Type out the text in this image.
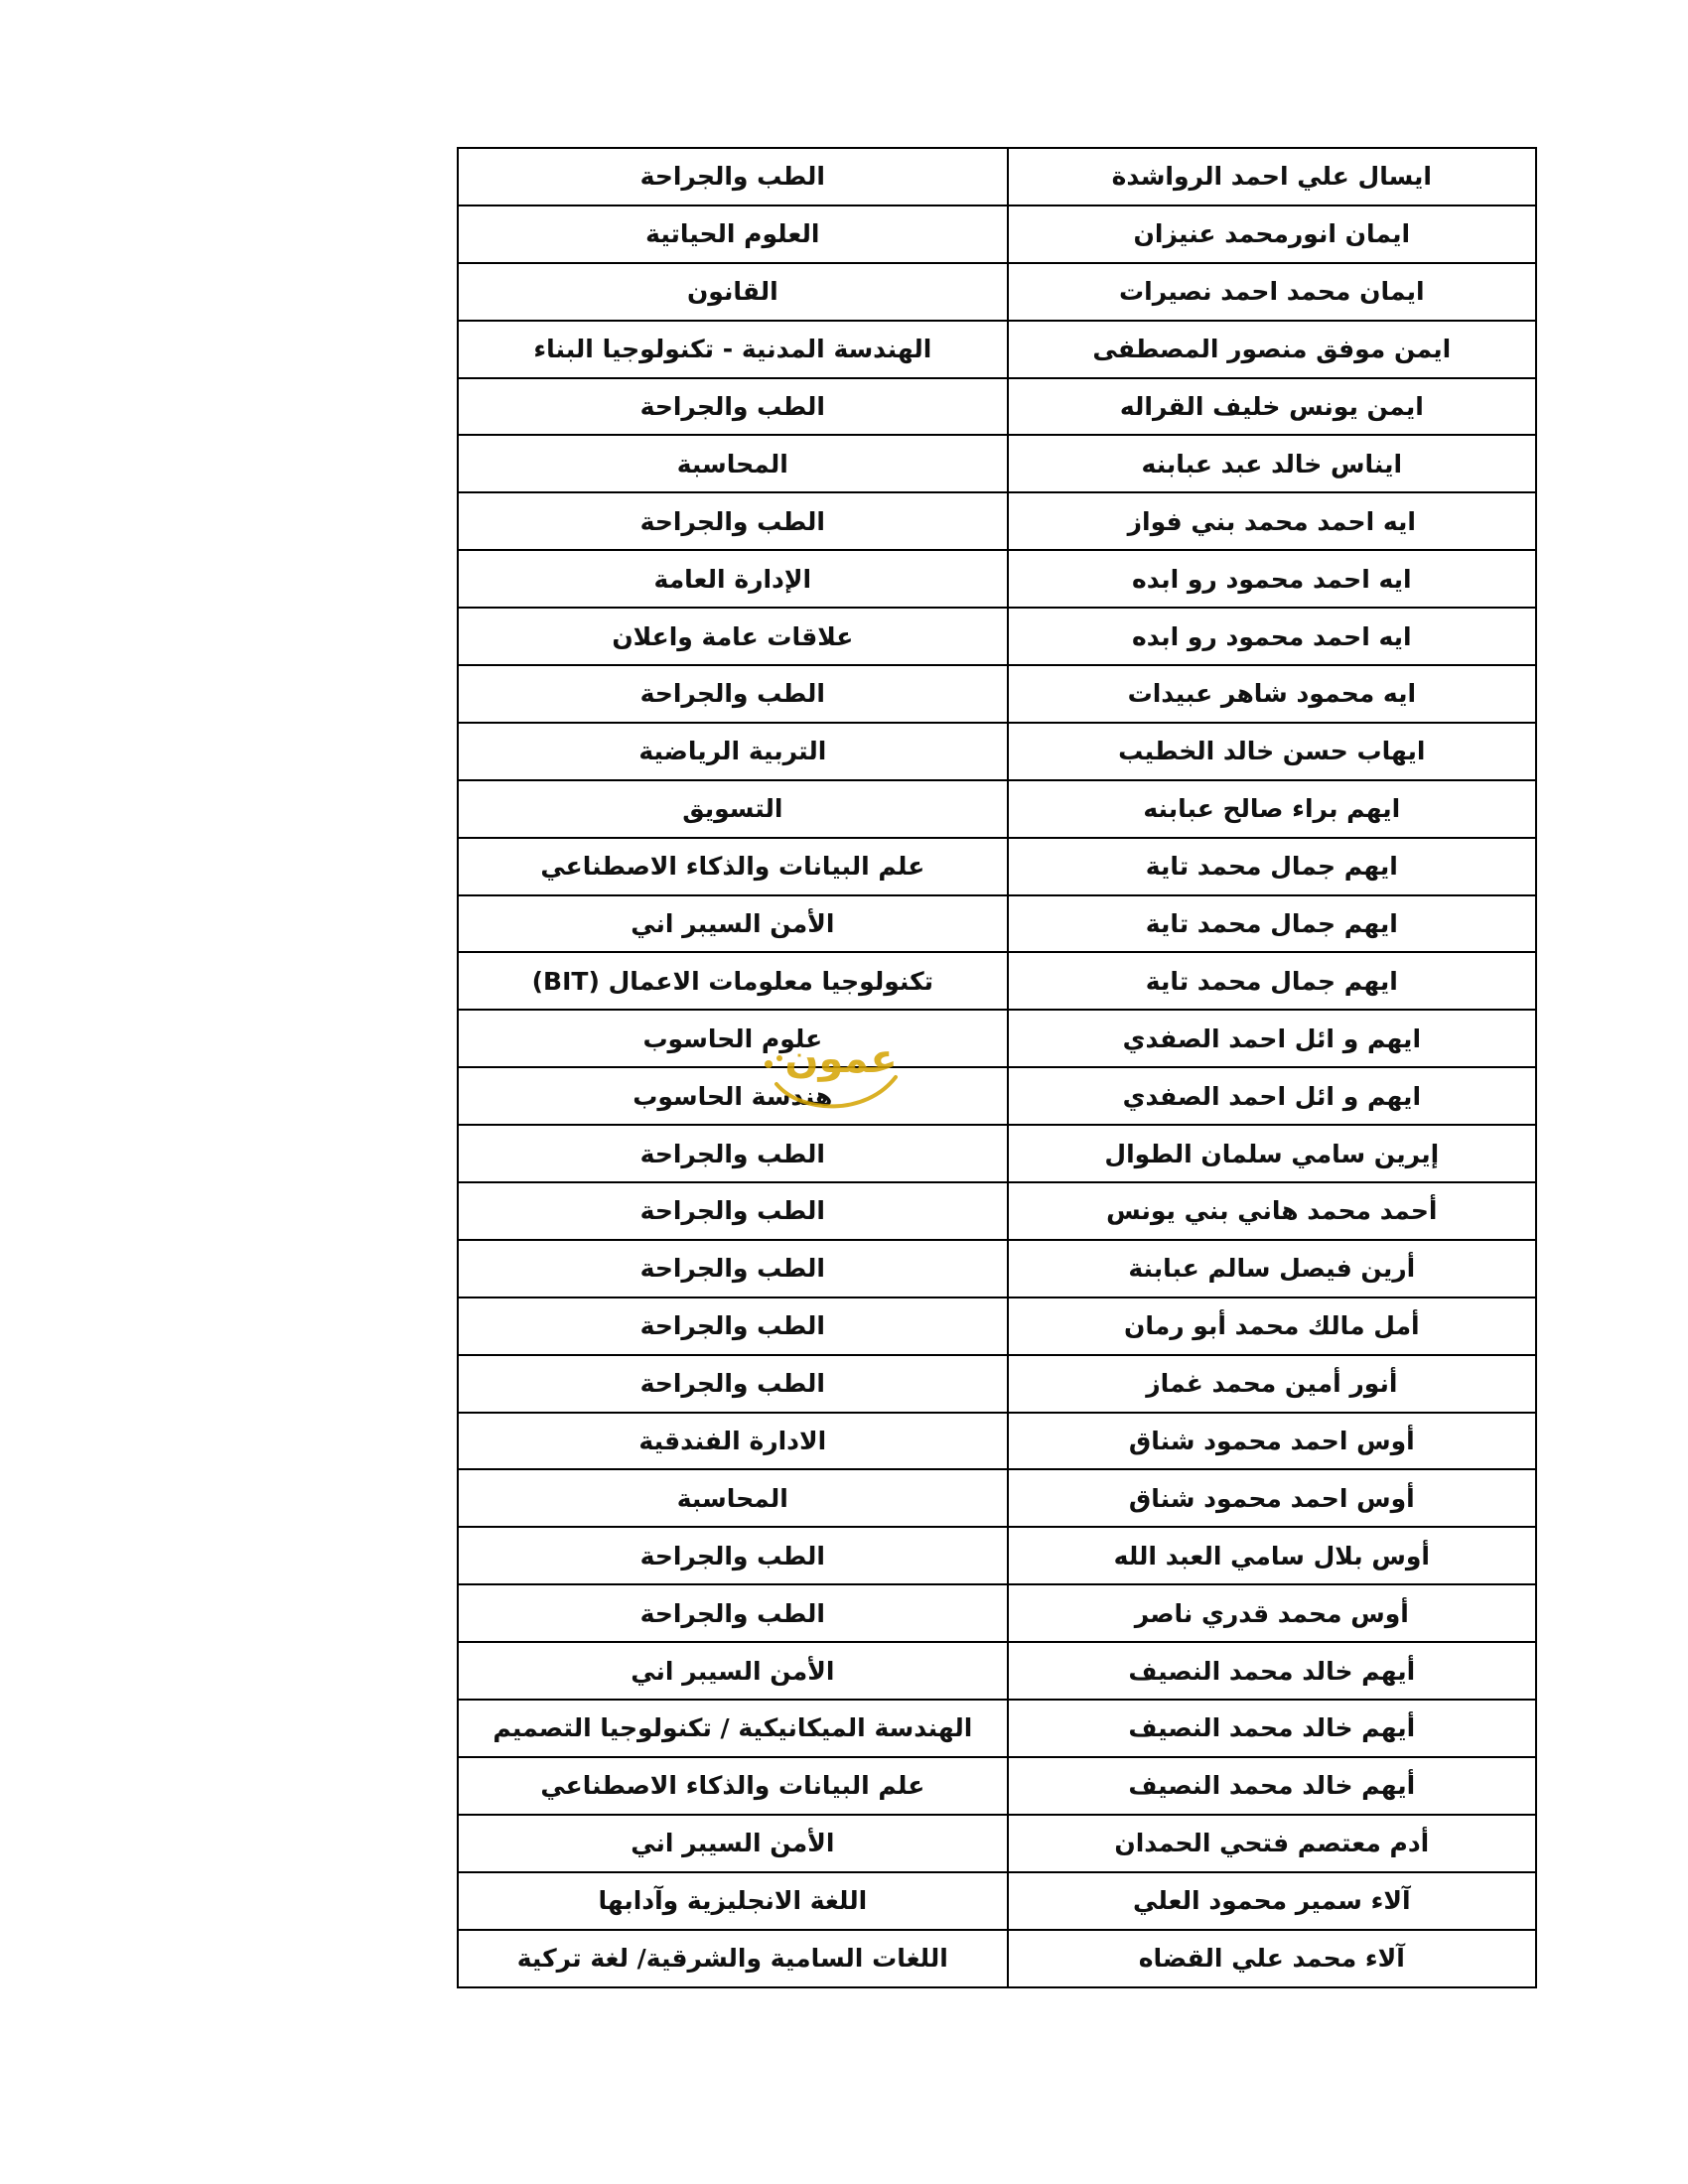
ايسال علي احمد الرواشدة	الطب والجراحة
ايمان انورمحمد عنيزان	العلوم الحياتية
ايمان محمد احمد نصيرات	القانون
ايمن موفق منصور المصطفى	الهندسة المدنية - تكنولوجيا البناء
ايمن يونس خليف القراله	الطب والجراحة
ايناس خالد عبد عبابنه	المحاسبة
ايه احمد محمد بني فواز	الطب والجراحة
ايه احمد محمود رو ابده	الإدارة العامة
ايه احمد محمود رو ابده	علاقات عامة واعلان
ايه محمود شاهر عبيدات	الطب والجراحة
ايهاب حسن خالد الخطيب	التربية الرياضية
ايهم براء صالح عبابنه	التسويق
ايهم جمال محمد تاية	علم البيانات والذكاء الاصطناعي
ايهم جمال محمد تاية	الأمن السيبر اني
ايهم جمال محمد تاية	تكنولوجيا معلومات الاعمال (BIT)
ايهم و ائل احمد الصفدي	علوم الحاسوب
ايهم و ائل احمد الصفدي	هندسة الحاسوب
إيرين سامي سلمان الطوال	الطب والجراحة
أحمد محمد هاني بني يونس	الطب والجراحة
أرين فيصل سالم عبابنة	الطب والجراحة
أمل مالك محمد أبو رمان	الطب والجراحة
أنور أمين محمد غماز	الطب والجراحة
أوس احمد محمود شناق	الادارة الفندقية
أوس احمد محمود شناق	المحاسبة
أوس بلال سامي العبد الله	الطب والجراحة
أوس محمد قدري ناصر	الطب والجراحة
أيهم خالد محمد النصيف	الأمن السيبر اني
أيهم خالد محمد النصيف	الهندسة الميكانيكية / تكنولوجيا التصميم
أيهم خالد محمد النصيف	علم البيانات والذكاء الاصطناعي
أدم معتصم فتحي الحمدان	الأمن السيبر اني
آلاء سمير محمود العلي	اللغة الانجليزية وآدابها
آلاء محمد علي القضاه	اللغات السامية والشرقية/ لغة تركية
عمون
